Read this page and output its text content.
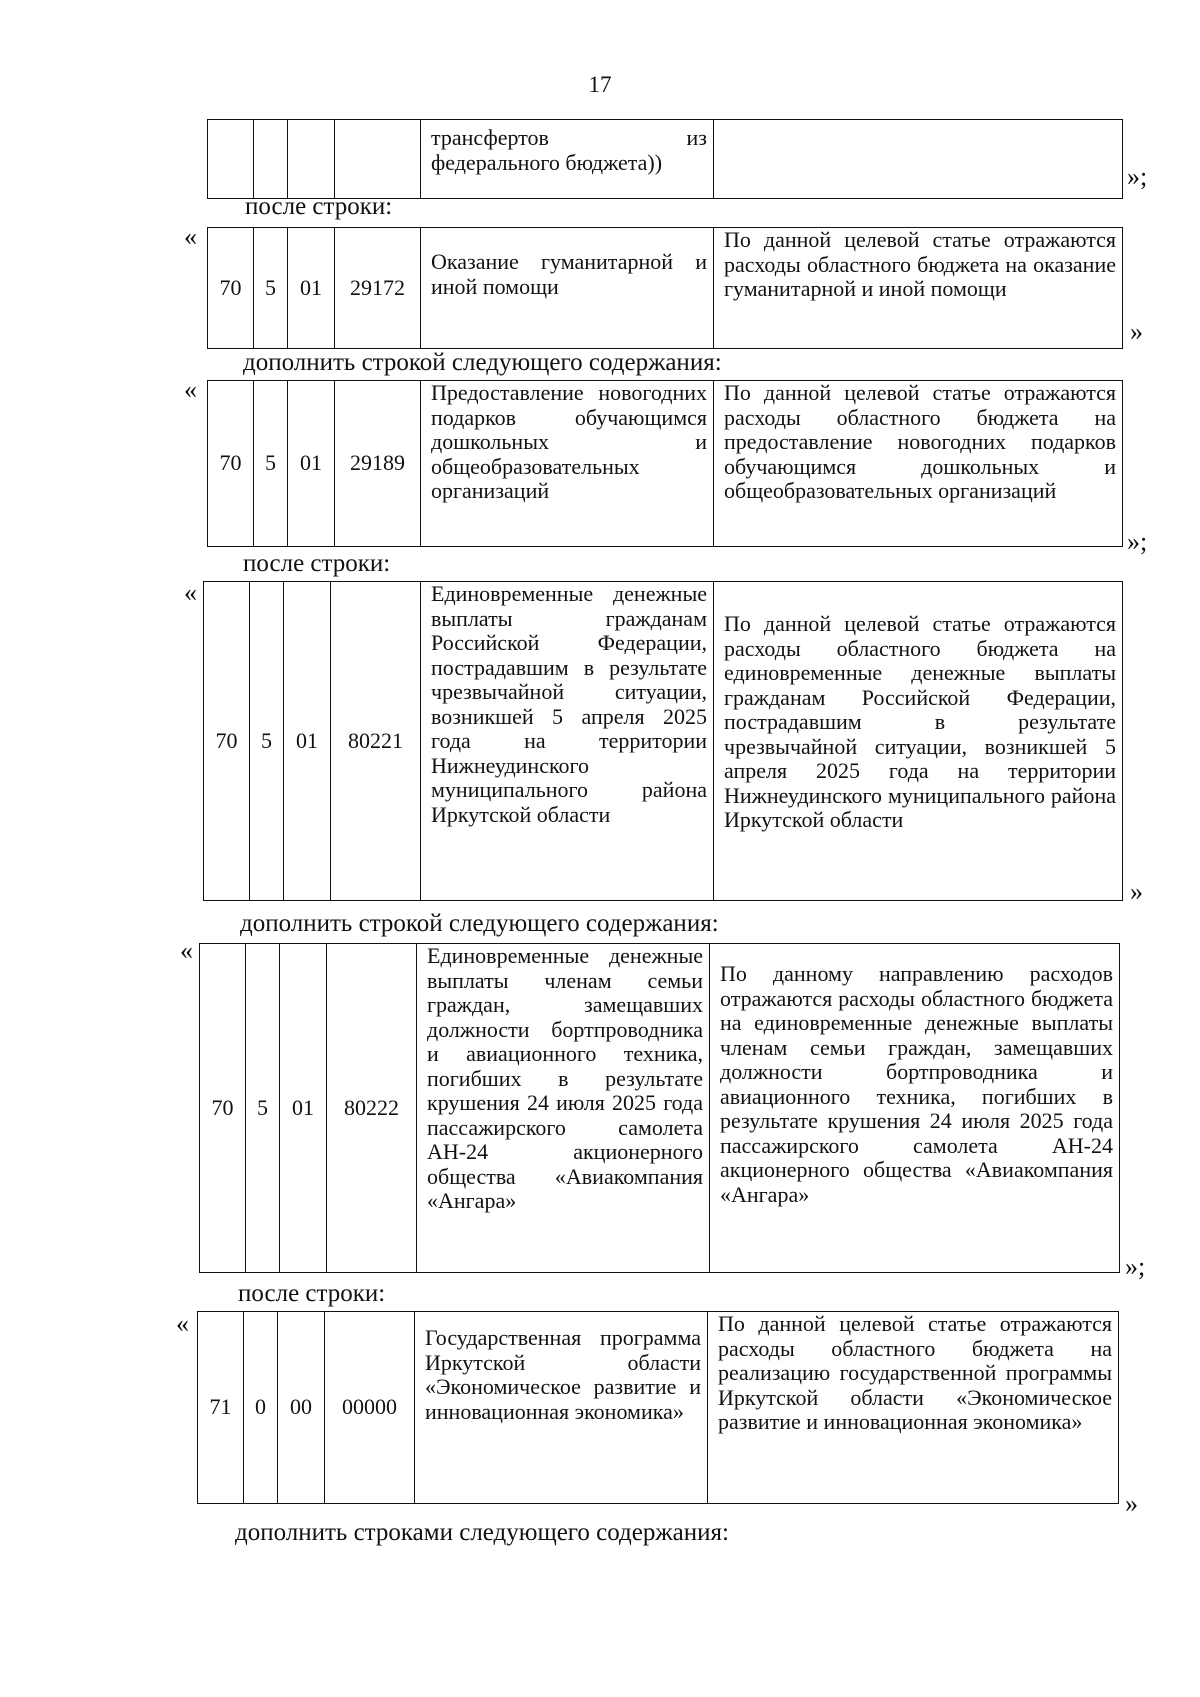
17
				трансфертов из федерального бюджета))		»;
после строки:
«
70	5	01	29172	Оказание гуманитарной и иной помощи	По данной целевой статье отражаются расходы областного бюджета на оказание гуманитарной и иной помощи
»
дополнить строкой следующего содержания:
«
70	5	01	29189	Предоставление новогодних подарков обучающимся дошкольных и общеобразовательных организаций	По данной целевой статье отражаются расходы областного бюджета на предоставление новогодних подарков обучающимся дошкольных и общеобразовательных организаций
»;
после строки:
«
70	5	01	80221	Единовременные денежные выплаты гражданам Российской Федерации, пострадавшим в результате чрезвычайной ситуации, возникшей 5 апреля 2025 года на территории Нижнеудинского муниципального района Иркутской области	По данной целевой статье отражаются расходы областного бюджета на единовременные денежные выплаты гражданам Российской Федерации, пострадавшим в результате чрезвычайной ситуации, возникшей 5 апреля 2025 года на территории Нижнеудинского муниципального района Иркутской области
»
дополнить строкой следующего содержания:
«
70	5	01	80222	Единовременные денежные выплаты членам семьи граждан, замещавших должности бортпроводника и авиационного техника, погибших в результате крушения 24 июля 2025 года пассажирского самолета АН-24 акционерного общества «Авиакомпания «Ангара»	По данному направлению расходов отражаются расходы областного бюджета на единовременные денежные выплаты членам семьи граждан, замещавших должности бортпроводника и авиационного техника, погибших в результате крушения 24 июля 2025 года пассажирского самолета АН-24 акционерного общества «Авиакомпания «Ангара»
»;
после строки:
«
71	0	00	00000	Государственная программа Иркутской области «Экономическое развитие и инновационная экономика»	По данной целевой статье отражаются расходы областного бюджета на реализацию государственной программы Иркутской области «Экономическое развитие и инновационная экономика»
»
дополнить строками следующего содержания:
